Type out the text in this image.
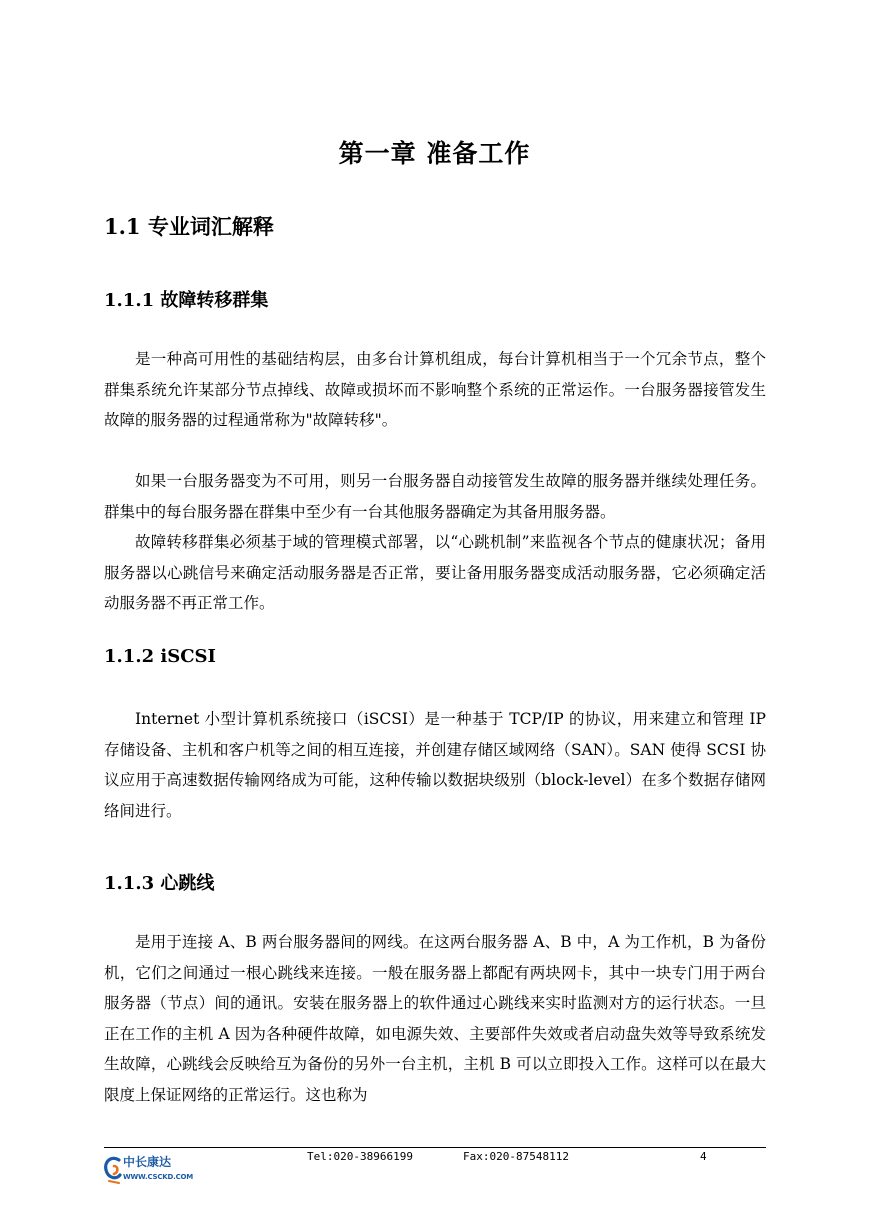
第一章 准备工作
1.1 专业词汇解释
1.1.1 故障转移群集

是一种高可用性的基础结构层，由多台计算机组成，每台计算机相当于一个冗余节点，整个群集系统允许某部分节点掉线、故障或损坏而不影响整个系统的正常运作。一台服务器接管发生故障的服务器的过程通常称为"故障转移"。

如果一台服务器变为不可用，则另一台服务器自动接管发生故障的服务器并继续处理任务。 群集中的每台服务器在群集中至少有一台其他服务器确定为其备用服务器。

故障转移群集必须基于域的管理模式部署，以“心跳机制”来监视各个节点的健康状况；备用服务器以心跳信号来确定活动服务器是否正常，要让备用服务器变成活动服务器，它必须确定活动服务器不再正常工作。

1.1.2 iSCSI

Internet 小型计算机系统接口（iSCSI）是一种基于 TCP/IP 的协议，用来建立和管理 IP 存储设备、主机和客户机等之间的相互连接，并创建存储区域网络（SAN）。SAN 使得 SCSI 协议应用于高速数据传输网络成为可能，这种传输以数据块级别（block-level）在多个数据存储网络间进行。

1.1.3 心跳线

是用于连接 A、B 两台服务器间的网线。在这两台服务器 A、B 中，A 为工作机，B 为备份机，它们之间通过一根心跳线来连接。一般在服务器上都配有两块网卡，其中一块专门用于两台服务器（节点）间的通讯。安装在服务器上的软件通过心跳线来实时监测对方的运行状态。一旦正在工作的主机 A 因为各种硬件故障，如电源失效、主要部件失效或者启动盘失效等导致系统发生故障，心跳线会反映给互为备份的另外一台主机，主机 B 可以立即投入工作。这样可以在最大限度上保证网络的正常运行。这也称为

中长康达
WWW.CSCKD.COM
Tel:020-38966199	Fax:020-87548112	4
